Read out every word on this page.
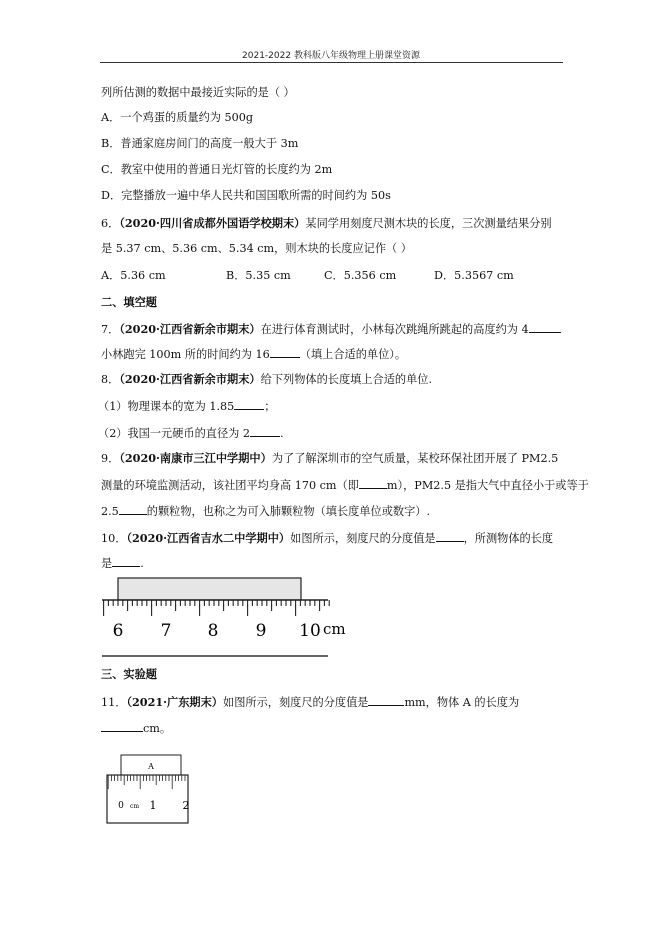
2021-2022 教科版八年级物理上册课堂资源
列所估测的数据中最接近实际的是（ ）
A．一个鸡蛋的质量约为 500g
B．普通家庭房间门的高度一般大于 3m
C．教室中使用的普通日光灯管的长度约为 2m
D．完整播放一遍中华人民共和国国歌所需的时间约为 50s
6．（2020·四川省成都外国语学校期末）某同学用刻度尺测木块的长度，三次测量结果分别
是 5.37 cm、5.36 cm、5.34 cm，则木块的长度应记作（ ）
A．5.36 cm	B．5.35 cm	C．5.356 cm	D．5.3567 cm
二、填空题
7．（2020·江西省新余市期末）在进行体育测试时，小林每次跳绳所跳起的高度约为 4
小林跑完 100m 所的时间约为 16	（填上合适的单位）。
8．（2020·江西省新余市期末）给下列物体的长度填上合适的单位.
（1）物理课本的宽为 1.85	；
（2）我国一元硬币的直径为 2	.
9．（2020·南康市三江中学期中）为了了解深圳市的空气质量，某校环保社团开展了 PM2.5
测量的环境监测活动，该社团平均身高 170 cm（即	m），PM2.5 是指大气中直径小于或等于
2.5	的颗粒物，也称之为可入肺颗粒物（填长度单位或数字）.
10．（2020·江西省吉水二中学期中）如图所示，刻度尺的分度值是	，所测物体的长度
是	.
6 7 8 9 10 cm
三、实验题
11．（2021·广东期末）如图所示，刻度尺的分度值是	mm，物体 A 的长度为
cm。
A
0 cm 1 2
